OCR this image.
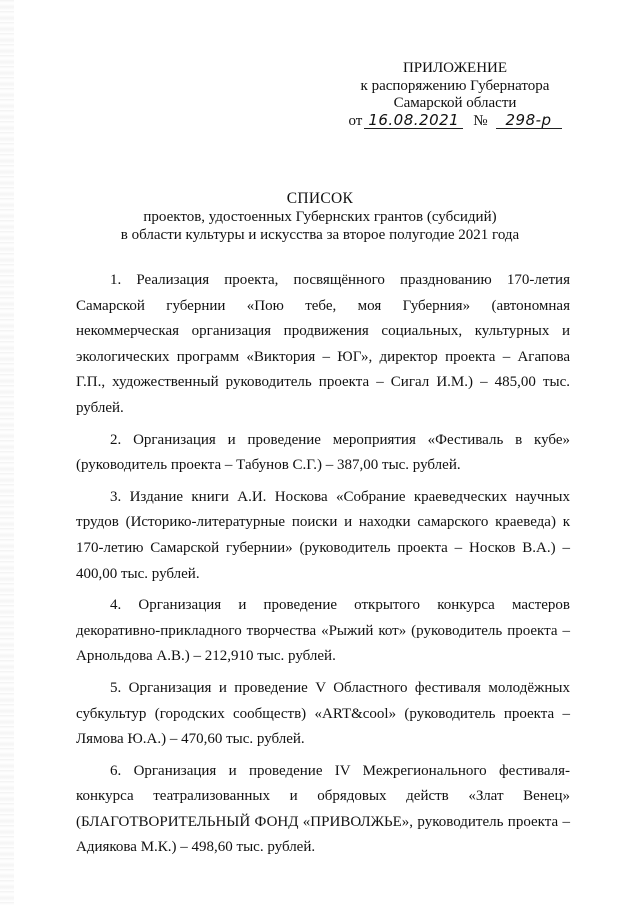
ПРИЛОЖЕНИЕ
к распоряжению Губернатора
Самарской области
от 16.08.2021 №	298-р
СПИСОК
проектов, удостоенных Губернских грантов (субсидий)
в области культуры и искусства за второе полугодие 2021 года

1. Реализация проекта, посвящённого празднованию 170-летия Самарской губернии «Пою тебе, моя Губерния» (автономная некоммерческая организация продвижения социальных, культурных и экологических программ «Виктория – ЮГ», директор проекта – Агапова Г.П., художественный руководитель проекта – Сигал И.М.) – 485,00 тыс. рублей.

2. Организация и проведение мероприятия «Фестиваль в кубе» (руководитель проекта – Табунов С.Г.) – 387,00 тыс. рублей.

3. Издание книги А.И. Носкова «Собрание краеведческих научных трудов (Историко-литературные поиски и находки самарского краеведа) к 170-летию Самарской губернии» (руководитель проекта – Носков В.А.) – 400,00 тыс. рублей.

4. Организация и проведение открытого конкурса мастеров декоративно-прикладного творчества «Рыжий кот» (руководитель проекта – Арнольдова А.В.) – 212,910 тыс. рублей.

5. Организация и проведение V Областного фестиваля молодёжных субкультур (городских сообществ) «ART&cool» (руководитель проекта – Лямова Ю.А.) – 470,60 тыс. рублей.

6. Организация и проведение IV Межрегионального фестиваля-конкурса театрализованных и обрядовых действ «Злат Венец» (БЛАГОТВОРИТЕЛЬНЫЙ ФОНД «ПРИВОЛЖЬЕ», руководитель проекта – Адиякова М.К.) – 498,60 тыс. рублей.
